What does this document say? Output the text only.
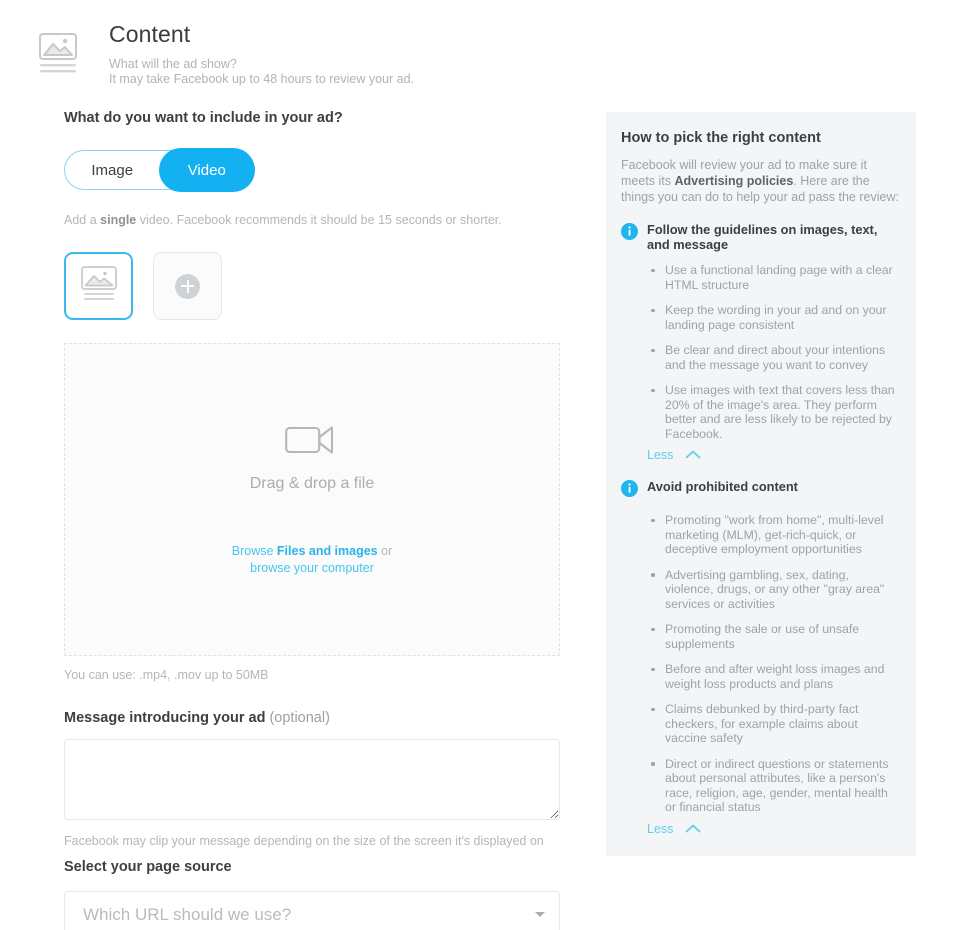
Content
What will the ad show?
It may take Facebook up to 48 hours to review your ad.
What do you want to include in your ad?
Image	Video
Add a single video. Facebook recommends it should be 15 seconds or shorter.
Drag & drop a file
Browse Files and images or
browse your computer
You can use: .mp4, .mov up to 50MB
Message introducing your ad (optional)
Facebook may clip your message depending on the size of the screen it's displayed on
Select your page source
Which URL should we use?
How to pick the right content
Facebook will review your ad to make sure it meets its Advertising policies. Here are the things you can do to help your ad pass the review:
Follow the guidelines on images, text, and message
Use a functional landing page with a clear HTML structure
Keep the wording in your ad and on your landing page consistent
Be clear and direct about your intentions and the message you want to convey
Use images with text that covers less than 20% of the image's area. They perform better and are less likely to be rejected by Facebook.
Less
Avoid prohibited content
Promoting "work from home", multi-level marketing (MLM), get-rich-quick, or deceptive employment opportunities
Advertising gambling, sex, dating, violence, drugs, or any other "gray area" services or activities
Promoting the sale or use of unsafe supplements
Before and after weight loss images and weight loss products and plans
Claims debunked by third-party fact checkers, for example claims about vaccine safety
Direct or indirect questions or statements about personal attributes, like a person's race, religion, age, gender, mental health or financial status
Less
